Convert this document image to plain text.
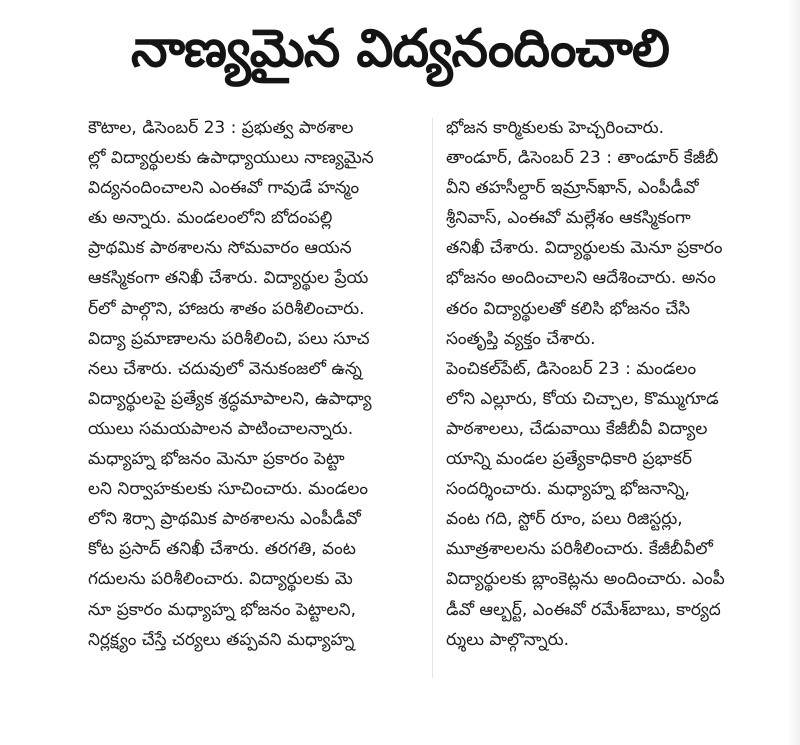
నాణ్యమైన విద్యనందించాలి
కౌటాల, డిసెంబర్ 23 : ప్రభుత్వ పాఠశాల
ల్లో విద్యార్థులకు ఉపాధ్యాయులు నాణ్యమైన
విద్యనందించాలని ఎంఈవో గావుడే హన్మం
తు అన్నారు. మండలంలోని బోదంపల్లి
ప్రాథమిక పాఠశాలను సోమవారం ఆయన
ఆకస్మికంగా తనిఖీ చేశారు. విద్యార్థుల ప్రేయ
ర్‌లో పాల్గొని, హాజరు శాతం పరిశీలించారు.
విద్యా ప్రమాణాలను పరిశీలించి, పలు సూచ
నలు చేశారు. చదువులో వెనుకంజలో ఉన్న
విద్యార్థులపై ప్రత్యేక శ్రద్ధమాపాలని, ఉపాధ్యా
యులు సమయపాలన పాటించాలన్నారు.
మధ్యాహ్న భోజనం మెనూ ప్రకారం పెట్టా
లని నిర్వాహకులకు సూచించారు. మండలం
లోని శిర్సా ప్రాథమిక పాఠశాలను ఎంపీడీవో
కోట ప్రసాద్‌ తనిఖీ చేశారు. తరగతి, వంట
గదులను పరిశీలించారు. విద్యార్థులకు మె
నూ ప్రకారం మధ్యాహ్న భోజనం పెట్టాలని,
నిర్లక్ష్యం చేస్తే చర్యలు తప్పవని మధ్యాహ్న
భోజన కార్మికులకు హెచ్చరించారు.
తాండూర్, డిసెంబర్ 23 : తాండూర్ కేజీబీ
వీని తహసీల్దార్ ఇమ్రాన్‌ఖాన్, ఎంపీడీవో
శ్రీనివాస్, ఎంఈవో మల్లేశం ఆకస్మికంగా
తనిఖీ చేశారు. విద్యార్థులకు మెనూ ప్రకారం
భోజనం అందించాలని ఆదేశించారు. అనం
తరం విద్యార్థులతో కలిసి భోజనం చేసి
సంతృప్తి వ్యక్తం చేశారు.
పెంచికల్‌పేట్, డిసెంబర్ 23 : మండలం
లోని ఎల్లూరు, కోయ చిచ్చాల, కొమ్ముగూడ
పాఠశాలలు, చేడువాయి కేజీబీవీ విద్యాల
యాన్ని మండల ప్రత్యేకాధికారి ప్రభాకర్
సందర్శించారు. మధ్యాహ్న భోజనాన్ని,
వంట గది, స్టోర్ రూం, పలు రిజిస్టర్లు,
మూత్రశాలలను పరిశీలించారు. కేజీబీవీలో
విద్యార్థులకు బ్లాంకెట్లను అందించారు. ఎంపీ
డీవో ఆల్బర్ట్, ఎంఈవో రమేశ్‌బాబు, కార్యద
ర్శులు పాల్గొన్నారు.
